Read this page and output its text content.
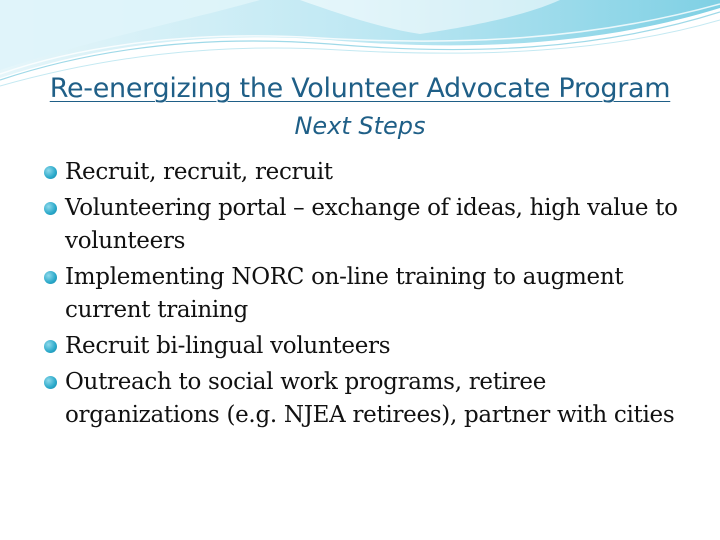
Re-energizing the Volunteer Advocate Program
Next Steps
Recruit, recruit, recruit
Volunteering portal – exchange of ideas, high value to volunteers
Implementing NORC on-line training to augment current training
Recruit bi-lingual volunteers
Outreach to social work programs, retiree organizations (e.g. NJEA retirees), partner with cities
